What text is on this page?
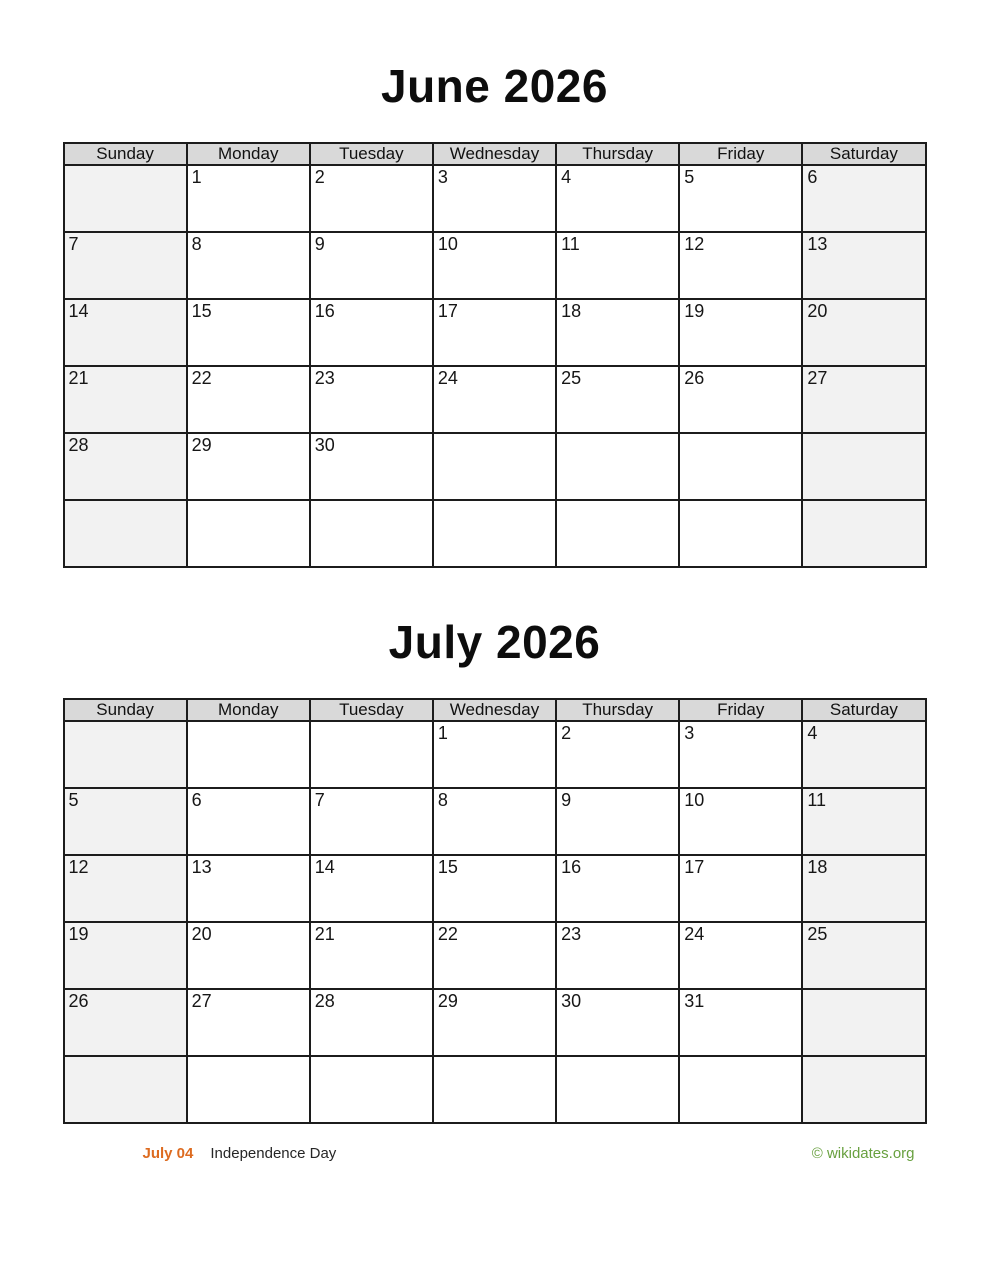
June 2026
Sunday	Monday	Tuesday	Wednesday	Thursday	Friday	Saturday
	1	2	3	4	5	6
7	8	9	10	11	12	13
14	15	16	17	18	19	20
21	22	23	24	25	26	27
28	29	30				

July 2026
Sunday	Monday	Tuesday	Wednesday	Thursday	Friday	Saturday
			1	2	3	4
5	6	7	8	9	10	11
12	13	14	15	16	17	18
19	20	21	22	23	24	25
26	27	28	29	30	31	

July 04 Independence Day	© wikidates.org
